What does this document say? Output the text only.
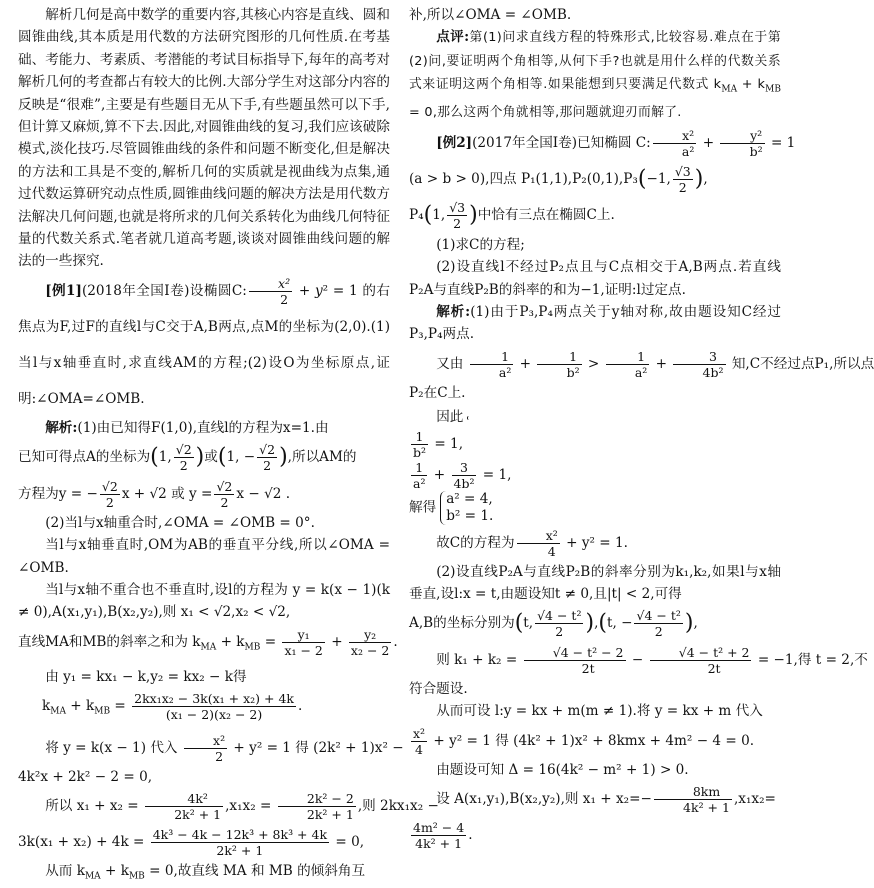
解析几何是高中数学的重要内容,其核心内容是直线、圆和圆锥曲线,其本质是用代数的方法研究图形的几何性质.在考基础、考能力、考素质、考潜能的考试目标指导下,每年的高考对解析几何的考查都占有较大的比例.大部分学生对这部分内容的反映是“很难”,主要是有些题目无从下手,有些题虽然可以下手,但计算又麻烦,算不下去.因此,对圆锥曲线的复习,我们应该破除模式,淡化技巧.尽管圆锥曲线的条件和问题不断变化,但是解决的方法和工具是不变的,解析几何的实质就是视曲线为点集,通过代数运算研究动点性质,圆锥曲线问题的解决方法是用代数方法解决几何问题,也就是将所求的几何关系转化为曲线几何特征量的代数关系式.笔者就几道高考题,谈谈对圆锥曲线问题的解法的一些探究.

[例1](2018年全国Ⅰ卷)设椭圆C: $\frac{\text{x²}}{2} + y^2 = 1$ 的右焦点为F,过F的直线l与C交于A,B两点,点M的坐标为(2,0).(1)当l与x轴垂直时,求直线AM的方程;(2)设O为坐标原点,证明:∠OMA=∠OMB.

解析:(1)由已知得F(1,0),直线l的方程为x=1.由

已知可得点A的坐标为(1, $\frac{√2}{2}$ )或(1, − $\frac{√2}{2}$ ),所以AM的

方程为y = − $\frac{√2}{2}$ x + √2 或 $y = \frac{√2}{2}$ x − √2 .

(2)当l与x轴重合时,∠OMA = ∠OMB = 0°.

当l与x轴垂直时,OM为AB的垂直平分线,所以∠OMA = ∠OMB.

当l与x轴不重合也不垂直时,设l的方程为 y = k(x − 1)(k ≠ 0),A(x₁,y₁),B(x₂,y₂),则 x₁ < √2,x₂ < √2,

直线MA和MB的斜率之和为 $k_{MA} + k_{MB} = \frac{\text{y₁}}{\text{x₁ − 2}} + \frac{\text{y₂}}{\text{x₂ − 2}}$ .

由 y₁ = kx₁ − k,y₂ = kx₂ − k得

$k_{MA} + k_{MB} = \frac{\text{2kx₁x₂ − 3k(x₁ + x₂) + 4k}}{\text{(x₁ − 2)(x₂ − 2)}}$ .

将 y = k(x − 1) 代入 $\frac{\text{x²}}{2} + y^2 = 1$ 得 (2k² + 1)x² −

4k²x + 2k² − 2 = 0,

所以 $x_1 + x_2 = \frac{\text{4k²}}{\text{2k² + 1}} ,x_1x_2 = \frac{\text{2k² − 2}}{\text{2k² + 1}}$ ,则 2kx₁x₂ −

$3k(x_1 + x_2) + 4k = \frac{\text{4k³ − 4k − 12k³ + 8k³ + 4k}}{\text{2k² + 1}} = 0$,

从而 $k_{MA} + k_{MB} = 0$,故直线 MA 和 MB 的倾斜角互

补,所以∠OMA = ∠OMB.

点评:第(1)问求直线方程的特殊形式,比较容易.难点在于第(2)问,要证明两个角相等,从何下手?也就是用什么样的代数关系式来证明这两个角相等.如果能想到只要满足代数式 $k_{MA} + k_{MB} = 0$,那么这两个角就相等,那问题就迎刃而解了.

[例2](2017年全国Ⅰ卷)已知椭圆 C: $\frac{\text{x²}}{\text{a²}} + \frac{\text{y²}}{\text{b²}} = 1$

(a > b > 0),四点 P₁(1,1),P₂(0,1),P₃(−1, $\frac{√3}{2}$ ),

P₄(1, $\frac{√3}{2}$ )中恰有三点在椭圆C上.

(1)求C的方程;

(2)设直线l不经过P₂点且与C点相交于A,B两点.若直线P₂A与直线P₂B的斜率的和为−1,证明:l过定点.

解析:(1)由于P₃,P₄两点关于y轴对称,故由题设知C经过P₃,P₄两点.

又由 $\frac{1}{\text{a²}} + \frac{1}{\text{b²}} > \frac{1}{\text{a²}} + \frac{3}{\text{4b²}}$ 知,C不经过点P₁,所以点

P₂在C上.

因此

$\frac{1}{\text{b²}} = 1$,
$\frac{1}{\text{a²}} + \frac{3}{\text{4b²}} = 1$,
解得
a² = 4,
b² = 1.

故C的方程为 $\frac{\text{x²}}{4} + y^2 = 1$.

(2)设直线P₂A与直线P₂B的斜率分别为k₁,k₂,如果l与x轴垂直,设l:x = t,由题设知t ≠ 0,且|t| < 2,可得

A,B的坐标分别为(t, $\frac{\text{√4 − t²}}{2} ),(t$, − $\frac{\text{√4 − t²}}{2}$ ),

则 $k_1 + k_2 = \frac{\text{√4 − t² − 2}}{2t} - \frac{\text{√4 − t² + 2}}{2t} = -1$,得 t = 2,不

符合题设.

从而可设 l:y = kx + m(m ≠ 1).将 y = kx + m 代入

$\frac{\text{x²}}{4} + y^2 = 1$ 得 (4k² + 1)x² + 8kmx + 4m² − 4 = 0.

由题设可知 Δ = 16(4k² − m² + 1) > 0.

设 A(x₁,y₁),B(x₂,y₂),则 $x_1 + x_2=- \frac{8km}{\text{4k² + 1}} ,x_1x_2=$

$\frac{\text{4m² − 4}}{\text{4k² + 1}}$ .
